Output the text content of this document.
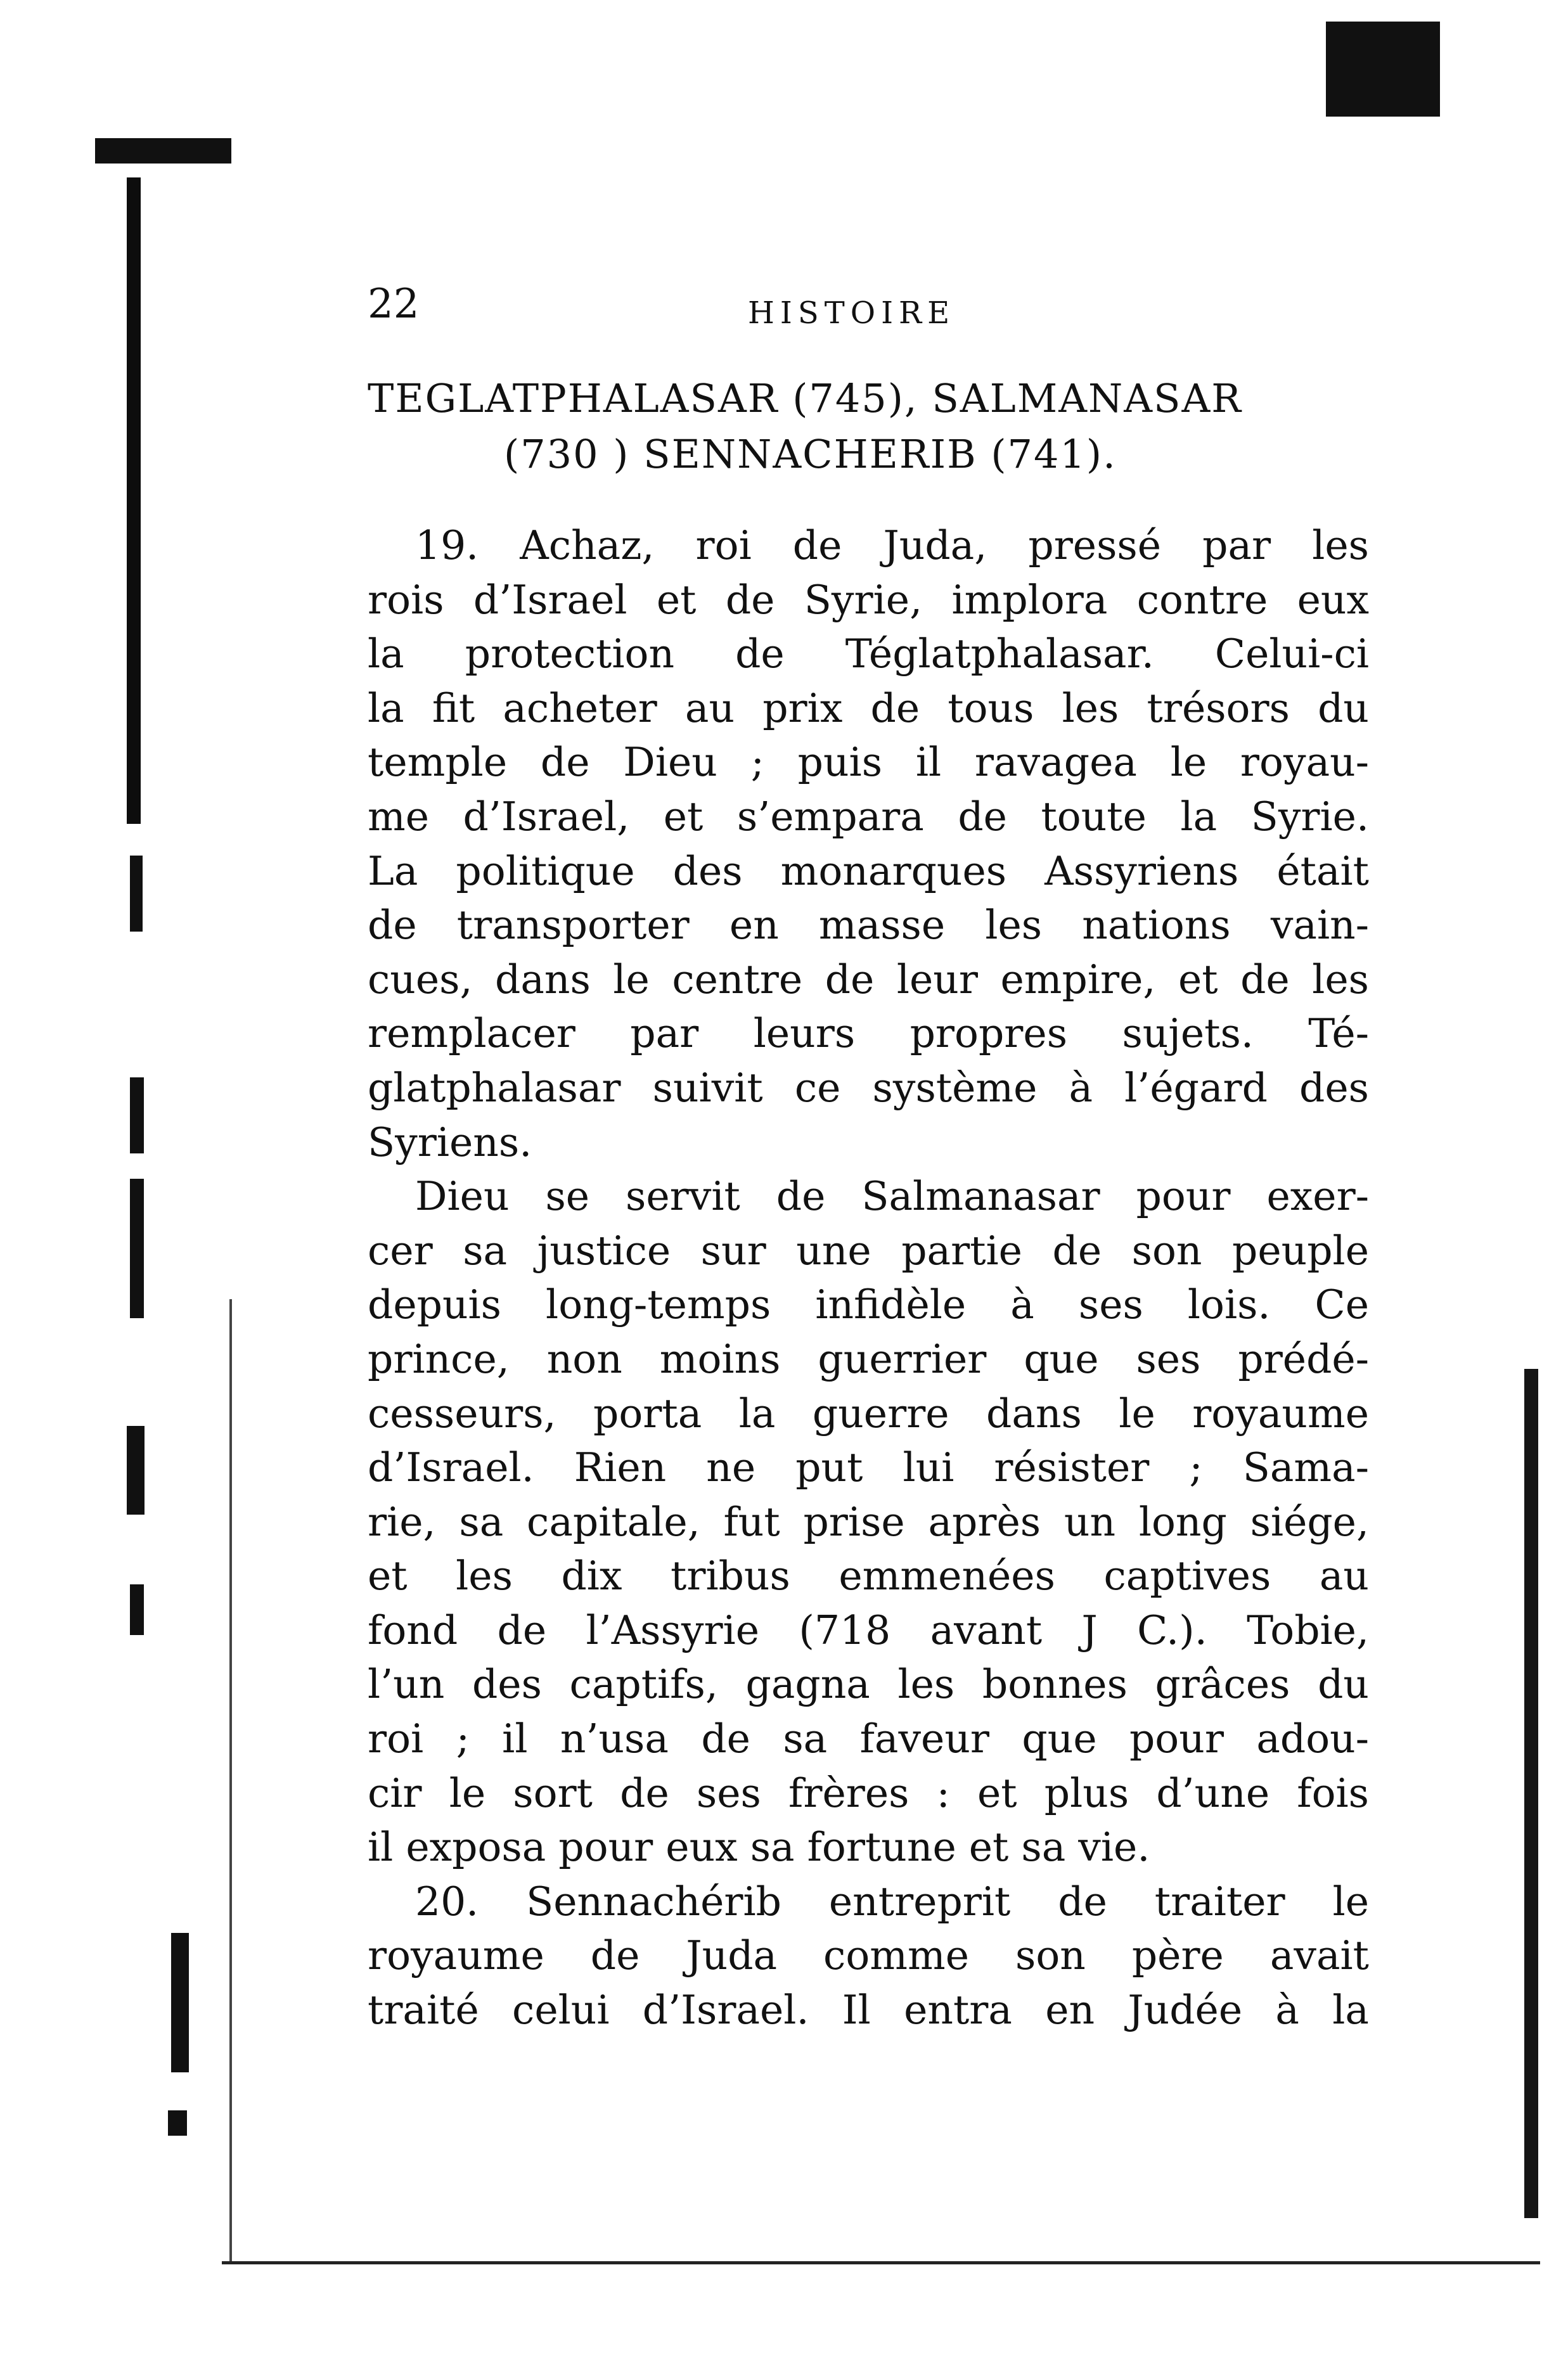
22	HISTOIRE
TEGLATPHALASAR (745), SALMANASAR
(730 ) SENNACHERIB (741).
19. Achaz, roi de Juda, pressé par les
rois d’Israel et de Syrie, implora contre eux
la protection de Téglatphalasar. Celui-ci
la fit acheter au prix de tous les trésors du
temple de Dieu ; puis il ravagea le royau-
me d’Israel, et s’empara de toute la Syrie.
La politique des monarques Assyriens était
de transporter en masse les nations vain-
cues, dans le centre de leur empire, et de les
remplacer par leurs propres sujets. Té-
glatphalasar suivit ce système à l’égard des
Syriens.
Dieu se servit de Salmanasar pour exer-
cer sa justice sur une partie de son peuple
depuis long-temps infidèle à ses lois. Ce
prince, non moins guerrier que ses prédé-
cesseurs, porta la guerre dans le royaume
d’Israel. Rien ne put lui résister ; Sama-
rie, sa capitale, fut prise après un long siége,
et les dix tribus emmenées captives au
fond de l’Assyrie (718 avant J C.). Tobie,
l’un des captifs, gagna les bonnes grâces du
roi ; il n’usa de sa faveur que pour adou-
cir le sort de ses frères : et plus d’une fois
il exposa pour eux sa fortune et sa vie.
20. Sennachérib entreprit de traiter le
royaume de Juda comme son père avait
traité celui d’Israel. Il entra en Judée à la
